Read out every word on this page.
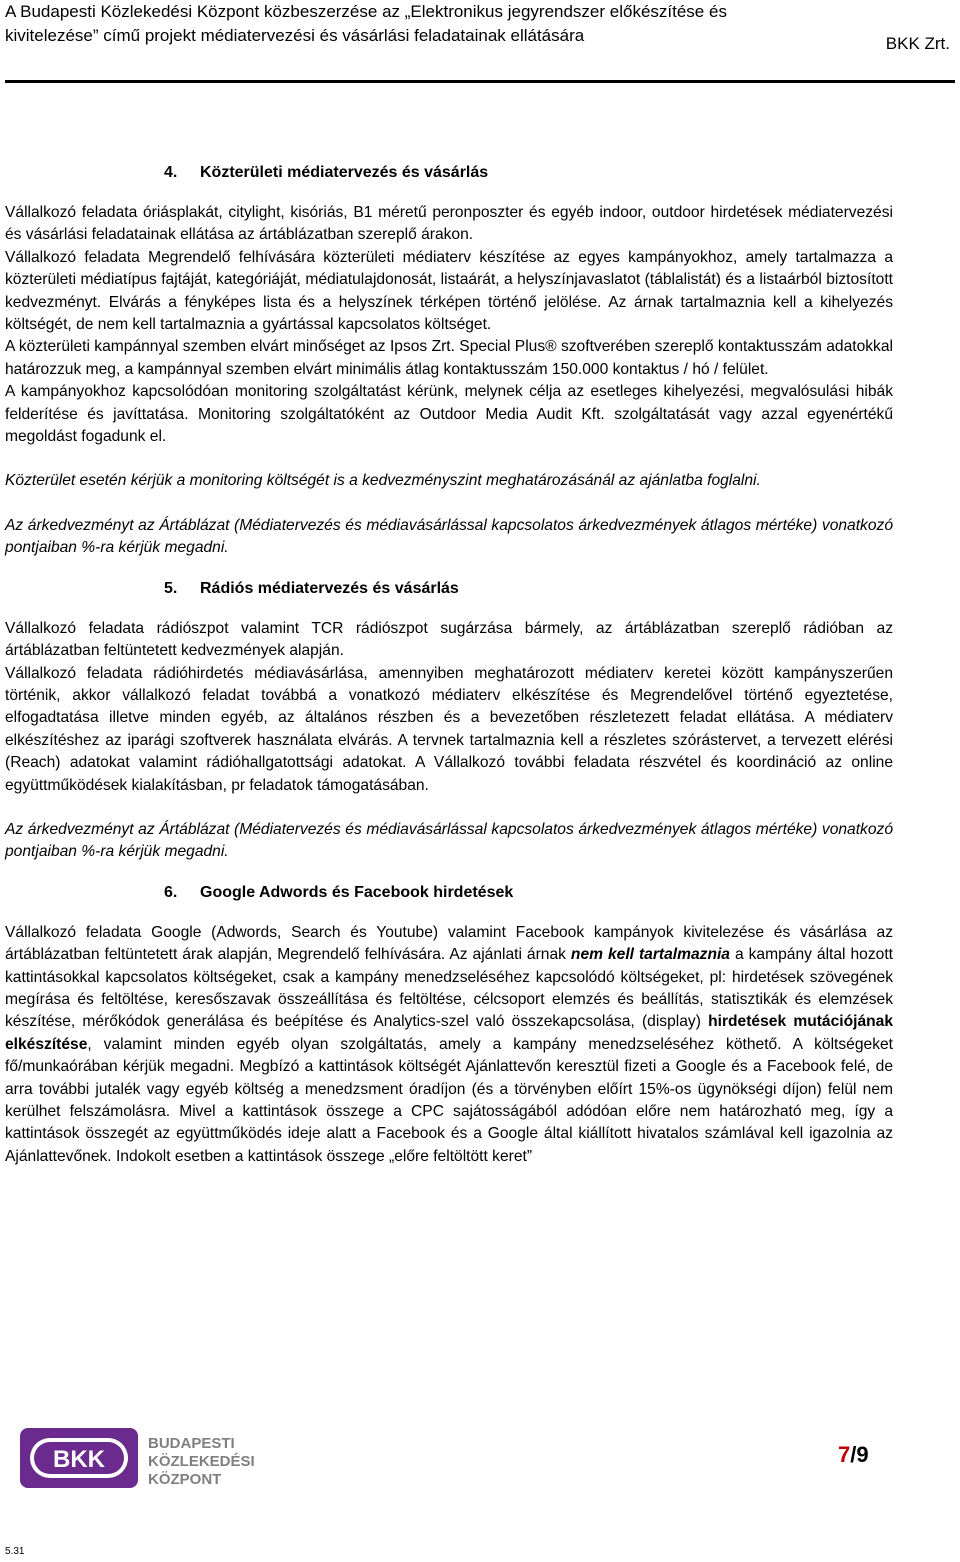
A Budapesti Közlekedési Központ közbeszerzése az „Elektronikus jegyrendszer előkészítése és kivitelezése” című projekt médiatervezési és vásárlási feladatainak ellátására	BKK Zrt.
4.	Közterületi médiatervezés és vásárlás

Vállalkozó feladata óriásplakát, citylight, kisóriás, B1 méretű peronposzter és egyéb indoor, outdoor hirdetések médiatervezési és vásárlási feladatainak ellátása az ártáblázatban szereplő árakon.

Vállalkozó feladata Megrendelő felhívására közterületi médiaterv készítése az egyes kampányokhoz, amely tartalmazza a közterületi médiatípus fajtáját, kategóriáját, médiatulajdonosát, listaárát, a helyszínjavaslatot (táblalistát) és a listaárból biztosított kedvezményt. Elvárás a fényképes lista és a helyszínek térképen történő jelölése. Az árnak tartalmaznia kell a kihelyezés költségét, de nem kell tartalmaznia a gyártással kapcsolatos költséget.

A közterületi kampánnyal szemben elvárt minőséget az Ipsos Zrt. Special Plus® szoftverében szereplő kontaktusszám adatokkal határozzuk meg, a kampánnyal szemben elvárt minimális átlag kontaktusszám 150.000 kontaktus / hó / felület.

A kampányokhoz kapcsolódóan monitoring szolgáltatást kérünk, melynek célja az esetleges kihelyezési, megvalósulási hibák felderítése és javíttatása. Monitoring szolgáltatóként az Outdoor Media Audit Kft. szolgáltatását vagy azzal egyenértékű megoldást fogadunk el.

Közterület esetén kérjük a monitoring költségét is a kedvezményszint meghatározásánál az ajánlatba foglalni.

Az árkedvezményt az Ártáblázat (Médiatervezés és médiavásárlással kapcsolatos árkedvezmények átlagos mértéke) vonatkozó pontjaiban %-ra kérjük megadni.

5.	Rádiós médiatervezés és vásárlás

Vállalkozó feladata rádiószpot valamint TCR rádiószpot sugárzása bármely, az ártáblázatban szereplő rádióban az ártáblázatban feltüntetett kedvezmények alapján.

Vállalkozó feladata rádióhirdetés médiavásárlása, amennyiben meghatározott médiaterv keretei között kampányszerűen történik, akkor vállalkozó feladat továbbá a vonatkozó médiaterv elkészítése és Megrendelővel történő egyeztetése, elfogadtatása illetve minden egyéb, az általános részben és a bevezetőben részletezett feladat ellátása. A médiaterv elkészítéshez az iparági szoftverek használata elvárás. A tervnek tartalmaznia kell a részletes szórástervet, a tervezett elérési (Reach) adatokat valamint rádióhallgatottsági adatokat. A Vállalkozó további feladata részvétel és koordináció az online együttműködések kialakításban, pr feladatok támogatásában.

Az árkedvezményt az Ártáblázat (Médiatervezés és médiavásárlással kapcsolatos árkedvezmények átlagos mértéke) vonatkozó pontjaiban %-ra kérjük megadni.

6.	Google Adwords és Facebook hirdetések

Vállalkozó feladata Google (Adwords, Search és Youtube) valamint Facebook kampányok kivitelezése és vásárlása az ártáblázatban feltüntetett árak alapján, Megrendelő felhívására. Az ajánlati árnak nem kell tartalmaznia a kampány által hozott kattintásokkal kapcsolatos költségeket, csak a kampány menedzseléséhez kapcsolódó költségeket, pl: hirdetések szövegének megírása és feltöltése, keresőszavak összeállítása és feltöltése, célcsoport elemzés és beállítás, statisztikák és elemzések készítése, mérőkódok generálása és beépítése és Analytics-szel való összekapcsolása, (display) hirdetések mutációjának elkészítése, valamint minden egyéb olyan szolgáltatás, amely a kampány menedzseléséhez köthető. A költségeket fő/munkaórában kérjük megadni. Megbízó a kattintások költségét Ajánlattevőn keresztül fizeti a Google és a Facebook felé, de arra további jutalék vagy egyéb költség a menedzsment óradíjon (és a törvényben előírt 15%-os ügynökségi díjon) felül nem kerülhet felszámolásra. Mivel a kattintások összege a CPC sajátosságából adódóan előre nem határozható meg, így a kattintások összegét az együttműködés ideje alatt a Facebook és a Google által kiállított hivatalos számlával kell igazolnia az Ajánlattevőnek. Indokolt esetben a kattintások összege „előre feltöltött keret”

BKK
BUDAPESTI
KÖZLEKEDÉSI
KÖZPONT
7/9
5.31
